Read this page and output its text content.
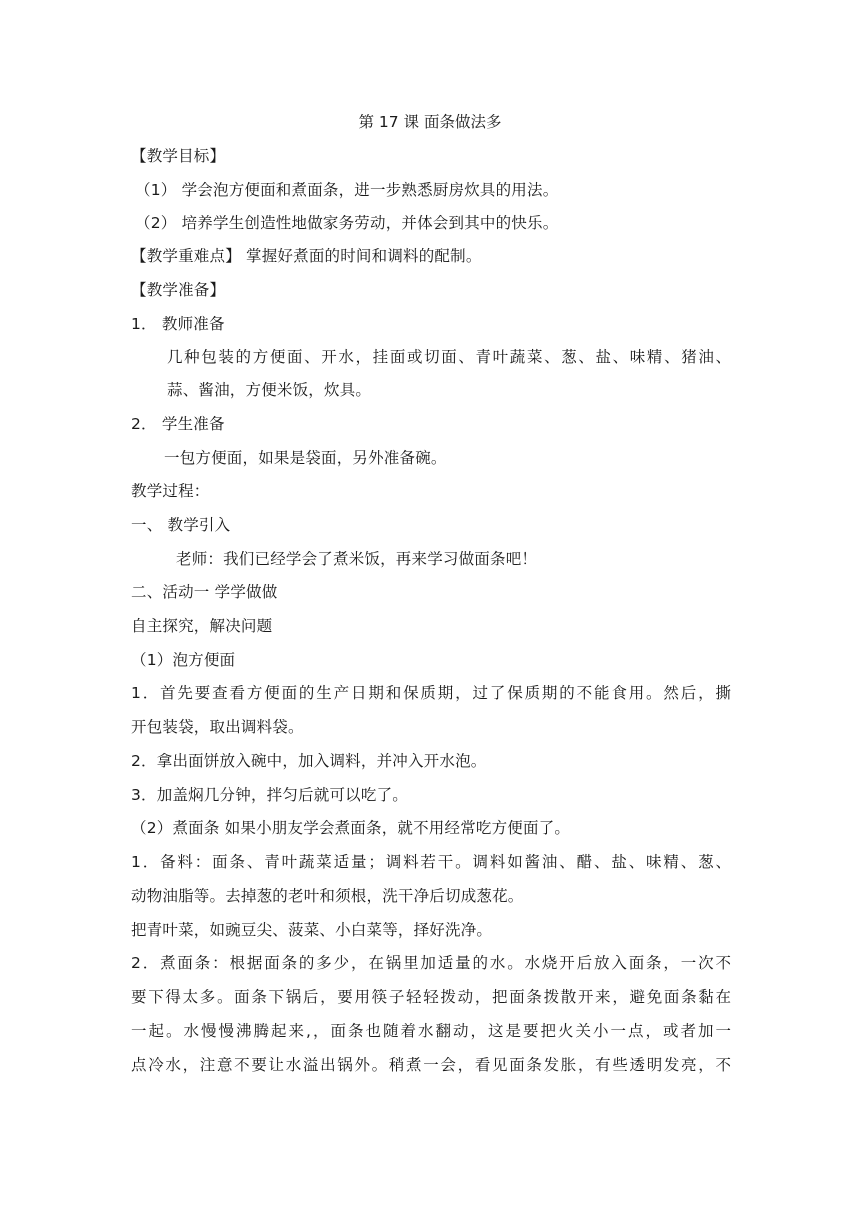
第 17 课 面条做法多
【教学目标】
（1） 学会泡方便面和煮面条，进一步熟悉厨房炊具的用法。
（2） 培养学生创造性地做家务劳动，并体会到其中的快乐。
【教学重难点】 掌握好煮面的时间和调料的配制。
【教学准备】
1． 教师准备
几种包装的方便面、开水，挂面或切面、青叶蔬菜、葱、盐、味精、猪油、
蒜、酱油，方便米饭，炊具。
2． 学生准备
一包方便面，如果是袋面，另外准备碗。
教学过程：
一、 教学引入
老师：我们已经学会了煮米饭，再来学习做面条吧！
二、活动一 学学做做
自主探究，解决问题
（1）泡方便面
1．首先要查看方便面的生产日期和保质期，过了保质期的不能食用。然后，撕
开包装袋，取出调料袋。
2．拿出面饼放入碗中，加入调料，并冲入开水泡。
3．加盖焖几分钟，拌匀后就可以吃了。
（2）煮面条 如果小朋友学会煮面条，就不用经常吃方便面了。
1．备料：面条、青叶蔬菜适量；调料若干。调料如酱油、醋、盐、味精、葱、
动物油脂等。去掉葱的老叶和须根，洗干净后切成葱花。
把青叶菜，如豌豆尖、菠菜、小白菜等，择好洗净。
2．煮面条：根据面条的多少，在锅里加适量的水。水烧开后放入面条，一次不
要下得太多。面条下锅后，要用筷子轻轻拨动，把面条拨散开来，避免面条黏在
一起。水慢慢沸腾起来,，面条也随着水翻动，这是要把火关小一点，或者加一
点冷水，注意不要让水溢出锅外。稍煮一会，看见面条发胀，有些透明发亮，不
